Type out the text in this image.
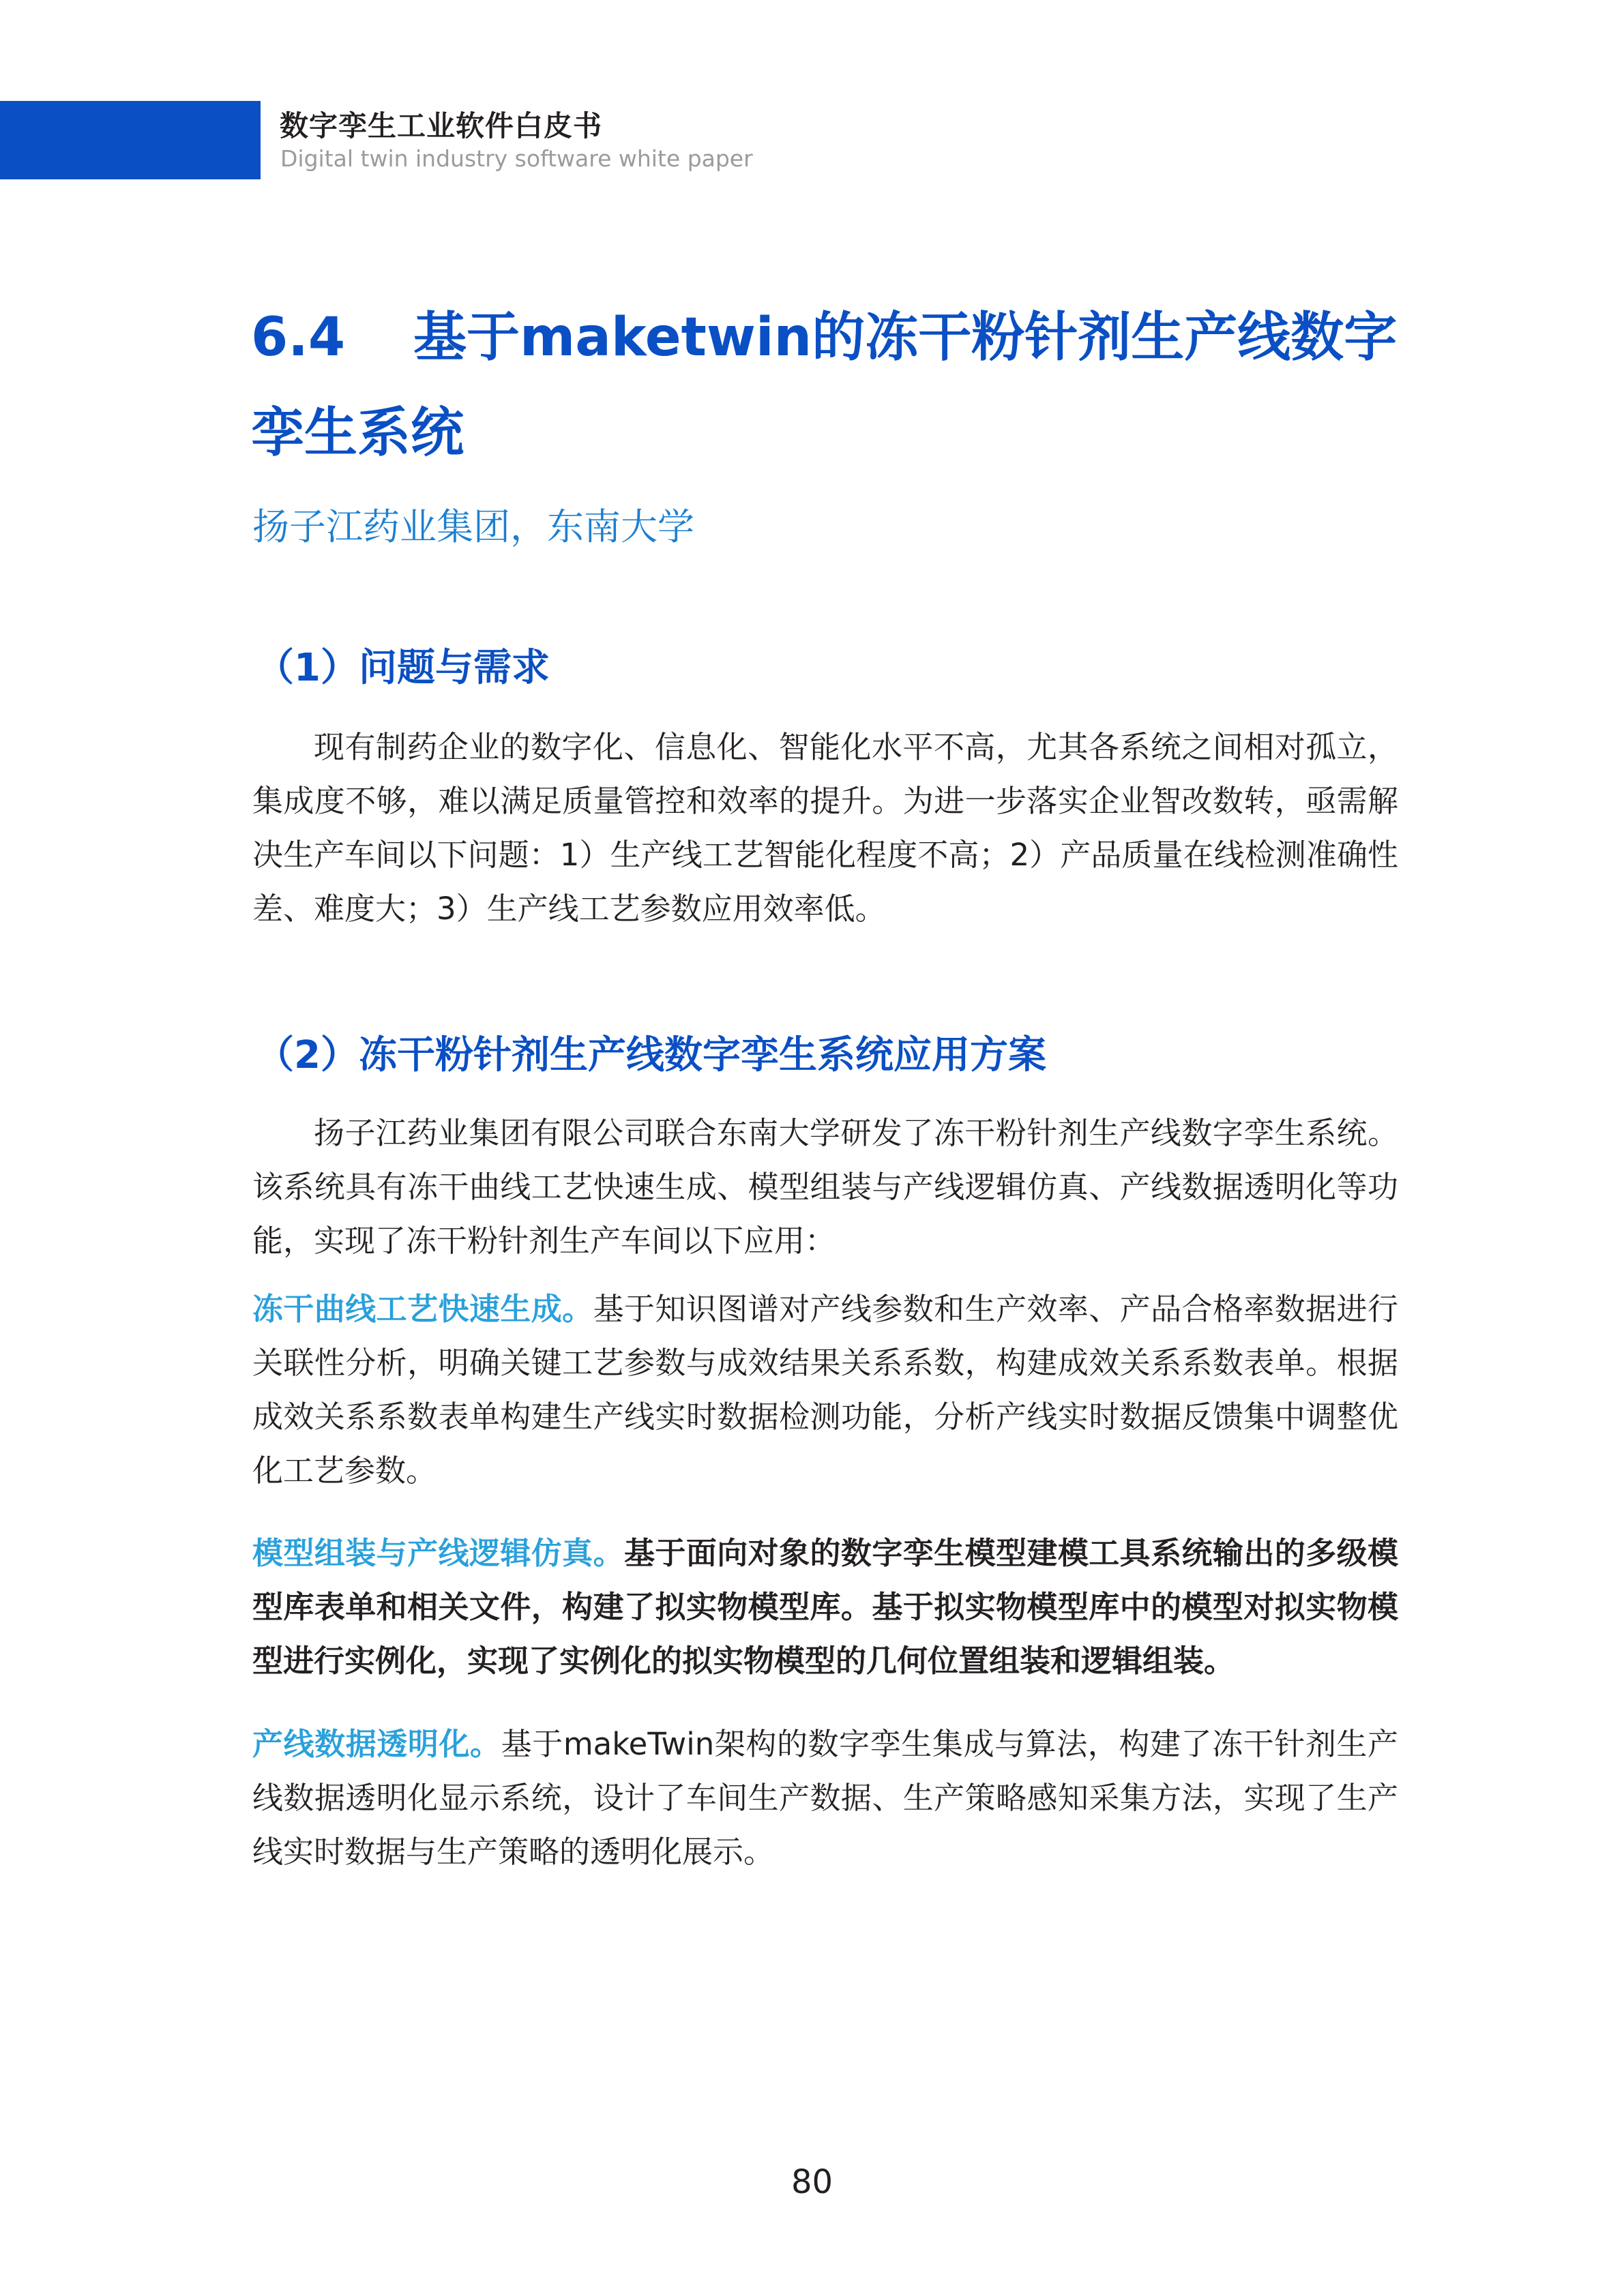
数字孪生工业软件白皮书
Digital twin industry software white paper
6.4 基于maketwin的冻干粉针剂生产线数字孪生系统
扬子江药业集团，东南大学
（1）问题与需求
现有制药企业的数字化、信息化、智能化水平不高，尤其各系统之间相对孤立，集成度不够，难以满足质量管控和效率的提升。为进一步落实企业智改数转，亟需解决生产车间以下问题：1）生产线工艺智能化程度不高；2）产品质量在线检测准确性差、难度大；3）生产线工艺参数应用效率低。
（2）冻干粉针剂生产线数字孪生系统应用方案
扬子江药业集团有限公司联合东南大学研发了冻干粉针剂生产线数字孪生系统。该系统具有冻干曲线工艺快速生成、模型组装与产线逻辑仿真、产线数据透明化等功能，实现了冻干粉针剂生产车间以下应用：
冻干曲线工艺快速生成。基于知识图谱对产线参数和生产效率、产品合格率数据进行关联性分析，明确关键工艺参数与成效结果关系系数，构建成效关系系数表单。根据成效关系系数表单构建生产线实时数据检测功能，分析产线实时数据反馈集中调整优化工艺参数。
模型组装与产线逻辑仿真。基于面向对象的数字孪生模型建模工具系统输出的多级模型库表单和相关文件，构建了拟实物模型库。基于拟实物模型库中的模型对拟实物模型进行实例化，实现了实例化的拟实物模型的几何位置组装和逻辑组装。
产线数据透明化。基于makeTwin架构的数字孪生集成与算法，构建了冻干针剂生产线数据透明化显示系统，设计了车间生产数据、生产策略感知采集方法，实现了生产线实时数据与生产策略的透明化展示。
80
